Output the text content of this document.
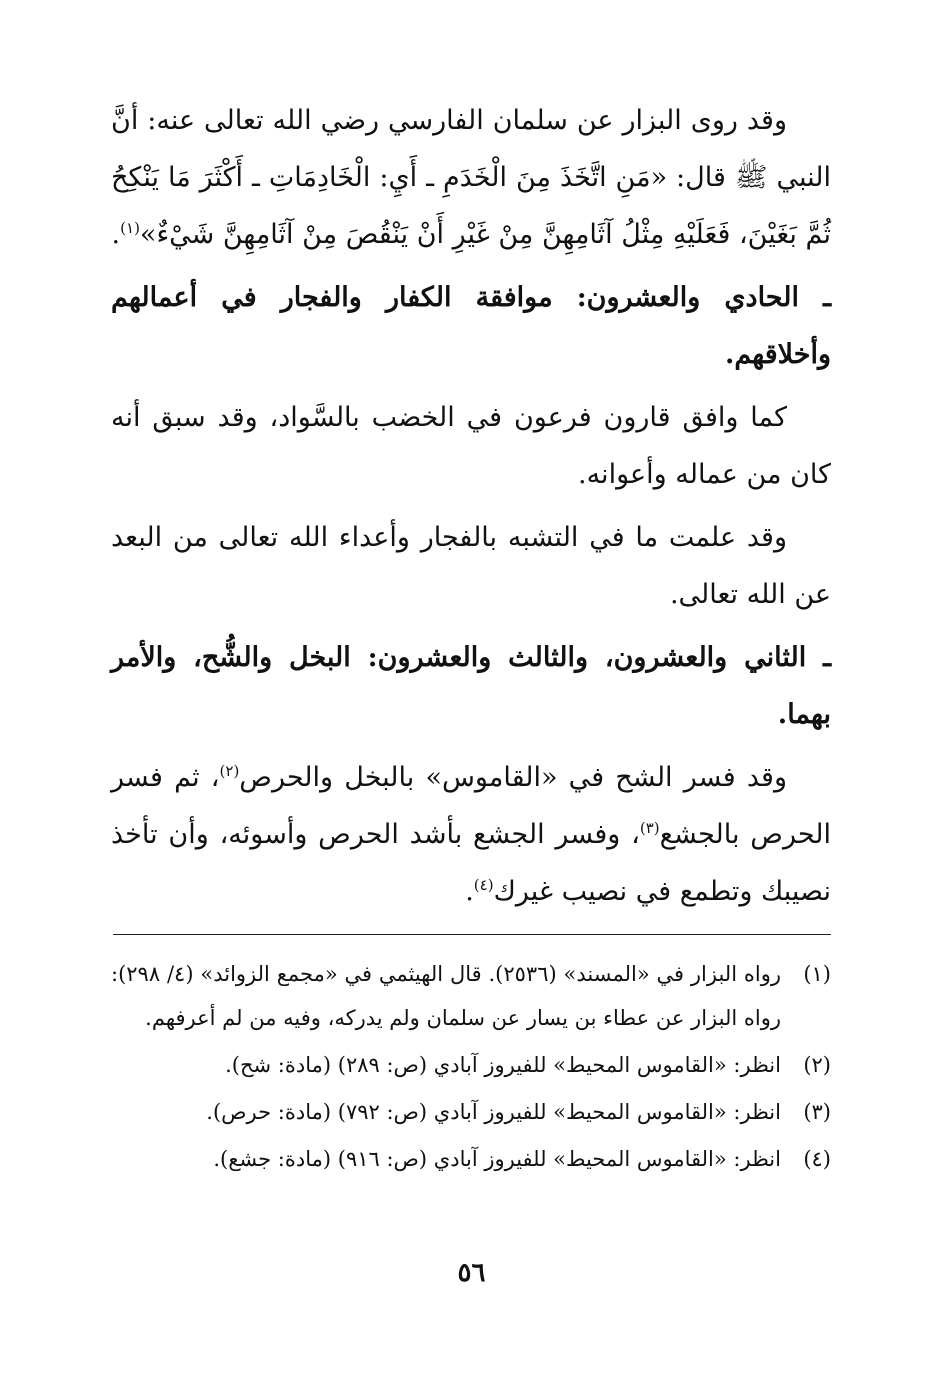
وقد روى البزار عن سلمان الفارسي رضي الله تعالى عنه: أنَّ النبي ﷺ قال: «مَنِ اتَّخَذَ مِنَ الْخَدَمِ ـ أَيِ: الْخَادِمَاتِ ـ أَكْثَرَ مَا يَنْكِحُ ثُمَّ بَغَيْنَ، فَعَلَيْهِ مِثْلُ آثَامِهِنَّ مِنْ غَيْرِ أَنْ يَنْقُصَ مِنْ آثَامِهِنَّ شَيْءٌ»$^{(١)}$.

ـ الحادي والعشرون: موافقة الكفار والفجار في أعمالهم وأخلاقهم.

كما وافق قارون فرعون في الخضب بالسَّواد، وقد سبق أنه كان من عماله وأعوانه.

وقد علمت ما في التشبه بالفجار وأعداء الله تعالى من البعد عن الله تعالى.

ـ الثاني والعشرون، والثالث والعشرون: البخل والشُّح، والأمر بهما.

وقد فسر الشح في «القاموس» بالبخل والحرص$^{(٢)}$، ثم فسر الحرص بالجشع$^{(٣)}$، وفسر الجشع بأشد الحرص وأسوئه، وأن تأخذ نصيبك وتطمع في نصيب غيرك$^{(٤)}$.

(١)
رواه البزار في «المسند» (٢٥٣٦). قال الهيثمي في «مجمع الزوائد» (٤/ ٢٩٨): رواه البزار عن عطاء بن يسار عن سلمان ولم يدركه، وفيه من لم أعرفهم.
(٢)
انظر: «القاموس المحيط» للفيروز آبادي (ص: ٢٨٩) (مادة: شح).
(٣)
انظر: «القاموس المحيط» للفيروز آبادي (ص: ٧٩٢) (مادة: حرص).
(٤)
انظر: «القاموس المحيط» للفيروز آبادي (ص: ٩١٦) (مادة: جشع).
٥٦
